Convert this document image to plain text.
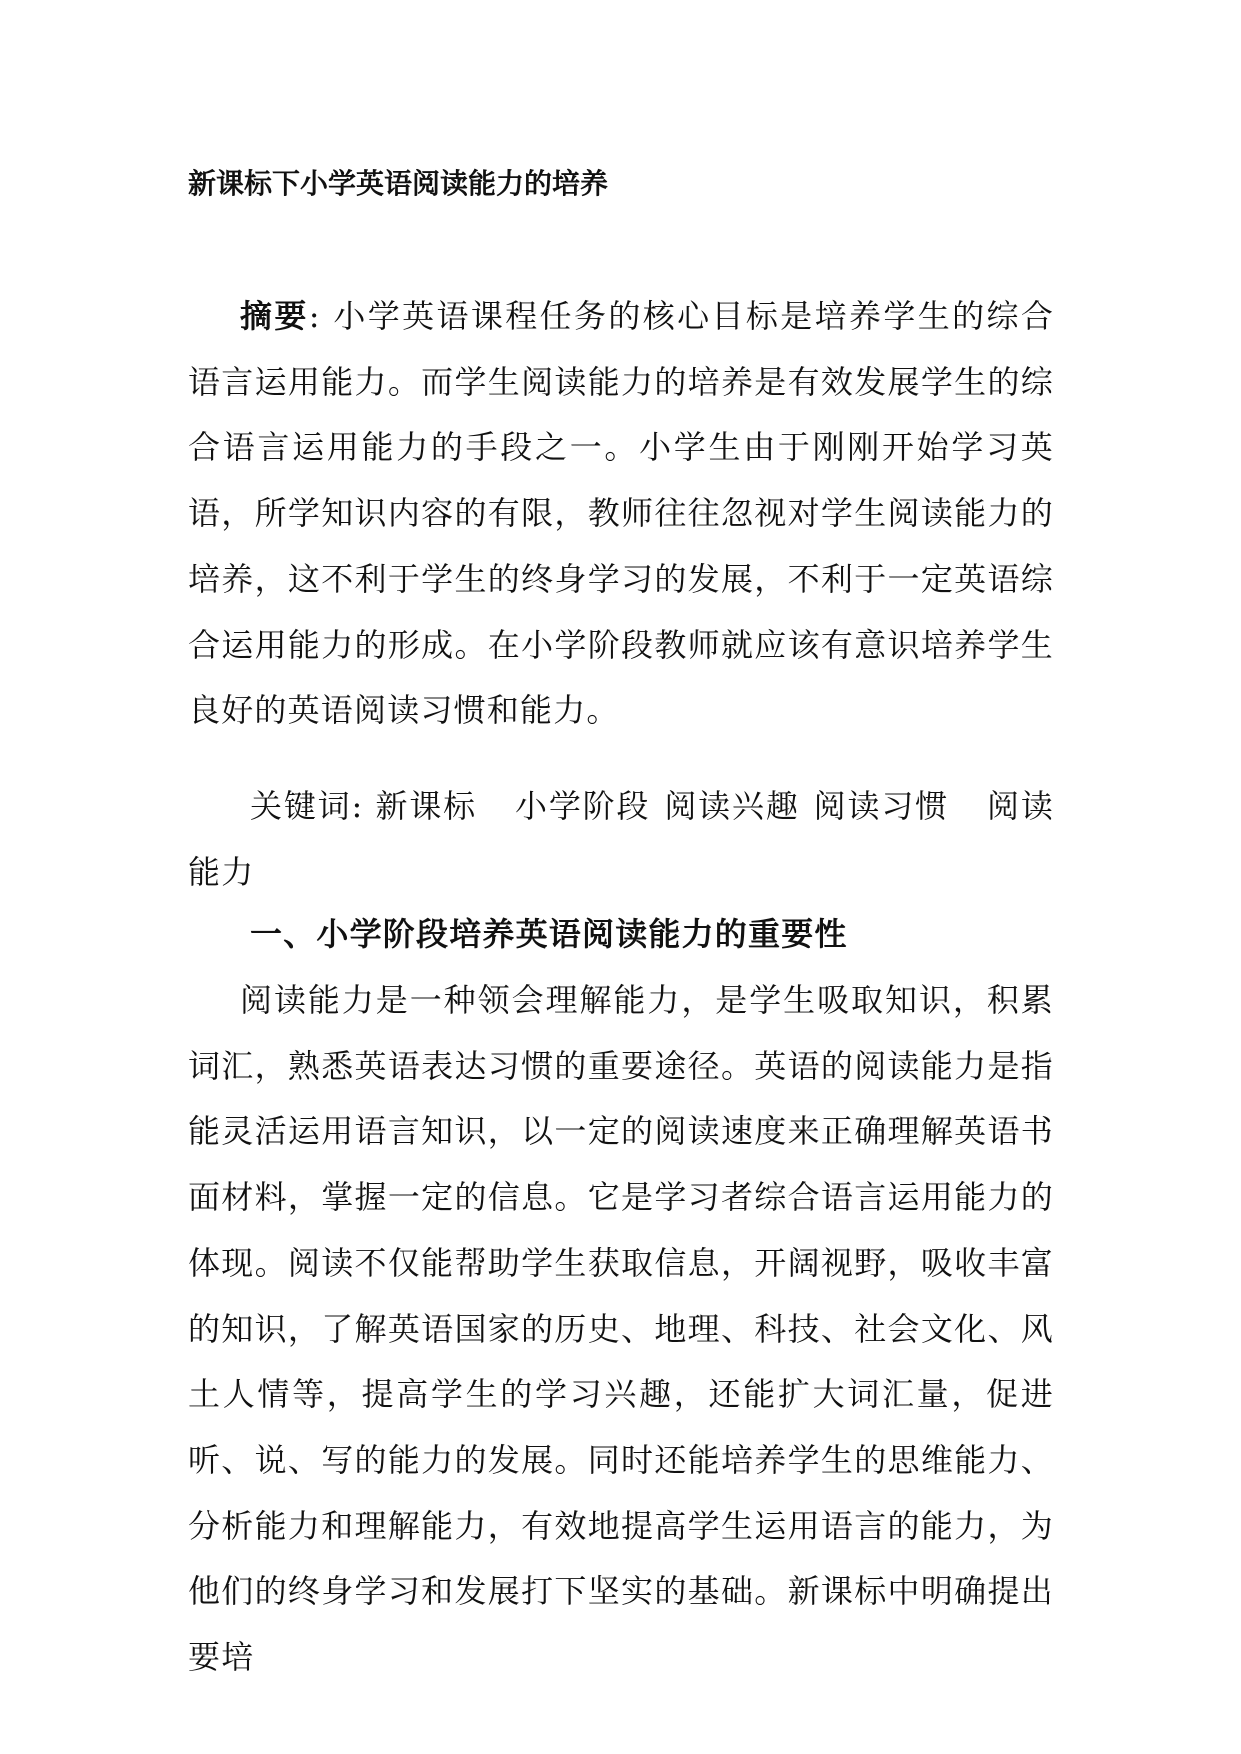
新课标下小学英语阅读能力的培养

摘要: 小学英语课程任务的核心目标是培养学生的综合语言运用能力。而学生阅读能力的培养是有效发展学生的综合语言运用能力的手段之一。小学生由于刚刚开始学习英语，所学知识内容的有限，教师往往忽视对学生阅读能力的培养，这不利于学生的终身学习的发展，不利于一定英语综合运用能力的形成。在小学阶段教师就应该有意识培养学生良好的英语阅读习惯和能力。

关键词: 新课标 小学阶段 阅读兴趣 阅读习惯 阅读能力

一、小学阶段培养英语阅读能力的重要性

阅读能力是一种领会理解能力，是学生吸取知识，积累词汇，熟悉英语表达习惯的重要途径。英语的阅读能力是指能灵活运用语言知识，以一定的阅读速度来正确理解英语书面材料，掌握一定的信息。它是学习者综合语言运用能力的体现。阅读不仅能帮助学生获取信息，开阔视野，吸收丰富的知识，了解英语国家的历史、地理、科技、社会文化、风土人情等，提高学生的学习兴趣，还能扩大词汇量，促进听、说、写的能力的发展。同时还能培养学生的思维能力、分析能力和理解能力，有效地提高学生运用语言的能力，为他们的终身学习和发展打下坚实的基础。新课标中明确提出要培
